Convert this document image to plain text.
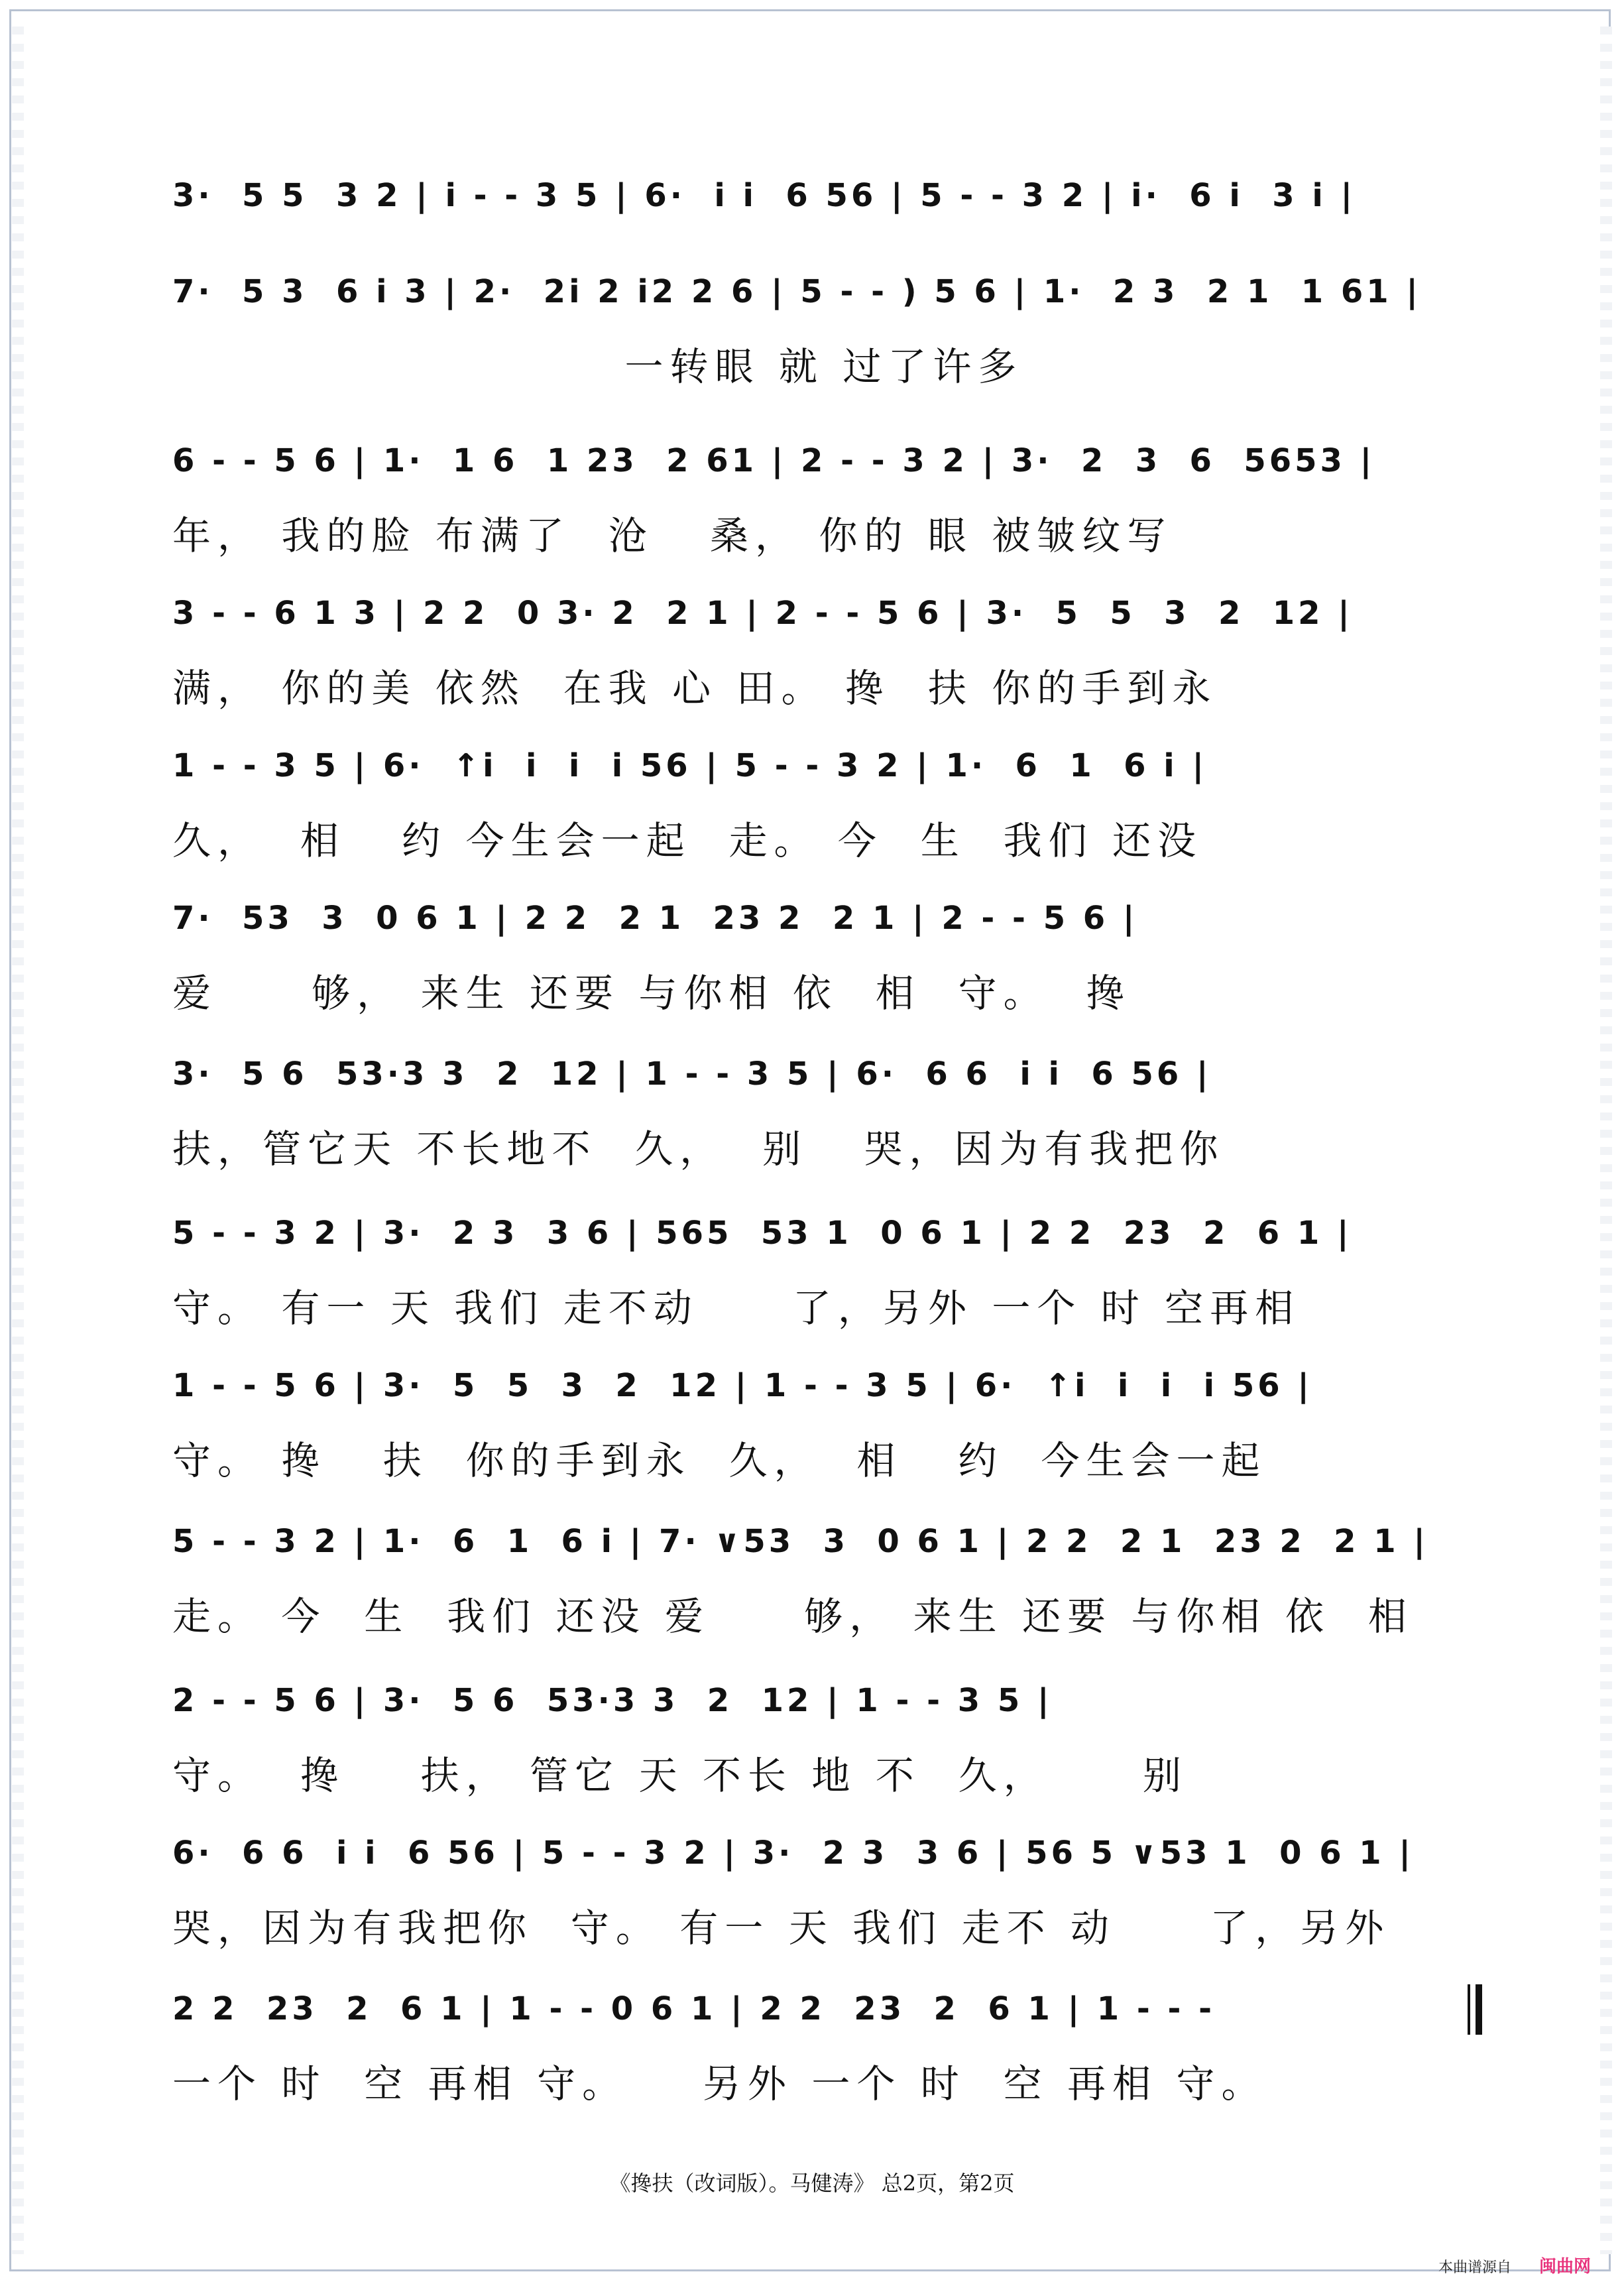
3·  5 5  3 2 | i - - 3 5 | 6·  i i  6 56 | 5 - - 3 2 | i·  6 i  3 i |
7·  5 3  6 i 3 | 2·  2i 2 i2 2 6 | 5 - - ) 5 6 | 1·  2 3  2 1  1 61 |
一转眼 就 过了许多
6 - - 5 6 | 1·  1 6  1 23  2 61 | 2 - - 3 2 | 3·  2  3  6  5653 |
年， 我的脸 布满了  沧   桑， 你的 眼 被皱纹写
3 - - 6 1 3 | 2 2  0 3· 2  2 1 | 2 - - 5 6 | 3·  5  5  3  2  12 |
满， 你的美 依然  在我 心 田。 搀  扶 你的手到永
1 - - 3 5 | 6·  ↑i  i  i  i 56 | 5 - - 3 2 | 1·  6  1  6 i |
久，  相   约 今生会一起  走。 今  生  我们 还没
7·  53  3  0 6 1 | 2 2  2 1  23 2  2 1 | 2 - - 5 6 |
爱     够， 来生 还要 与你相 依  相  守。  搀
3·  5 6  53·3 3  2  12 | 1 - - 3 5 | 6·  6 6  i i  6 56 |
扶，管它天 不长地不  久，  别   哭，因为有我把你
5 - - 3 2 | 3·  2 3  3 6 | 565  53 1  0 6 1 | 2 2  23  2  6 1 |
守。 有一 天 我们 走不动     了，另外 一个 时 空再相
1 - - 5 6 | 3·  5  5  3  2  12 | 1 - - 3 5 | 6·  ↑i  i  i  i 56 |
守。 搀   扶  你的手到永  久，  相   约  今生会一起
5 - - 3 2 | 1·  6  1  6 i | 7· ∨53  3  0 6 1 | 2 2  2 1  23 2  2 1 |
走。 今  生  我们 还没 爱     够， 来生 还要 与你相 依  相
2 - - 5 6 | 3·  5 6  53·3 3  2  12 | 1 - - 3 5 |
守。  搀    扶， 管它 天 不长 地 不  久，     别
6·  6 6  i i  6 56 | 5 - - 3 2 | 3·  2 3  3 6 | 56 5 ∨53 1  0 6 1 |
哭，因为有我把你  守。 有一 天 我们 走不 动     了，另外
2 2  23  2  6 1 | 1 - - 0 6 1 | 2 2  23  2  6 1 | 1 - - -
一个 时  空 再相 守。    另外 一个 时  空 再相 守。
《搀扶（改词版）。马健涛》 总2页，第2页
本曲谱源自 闽曲网
